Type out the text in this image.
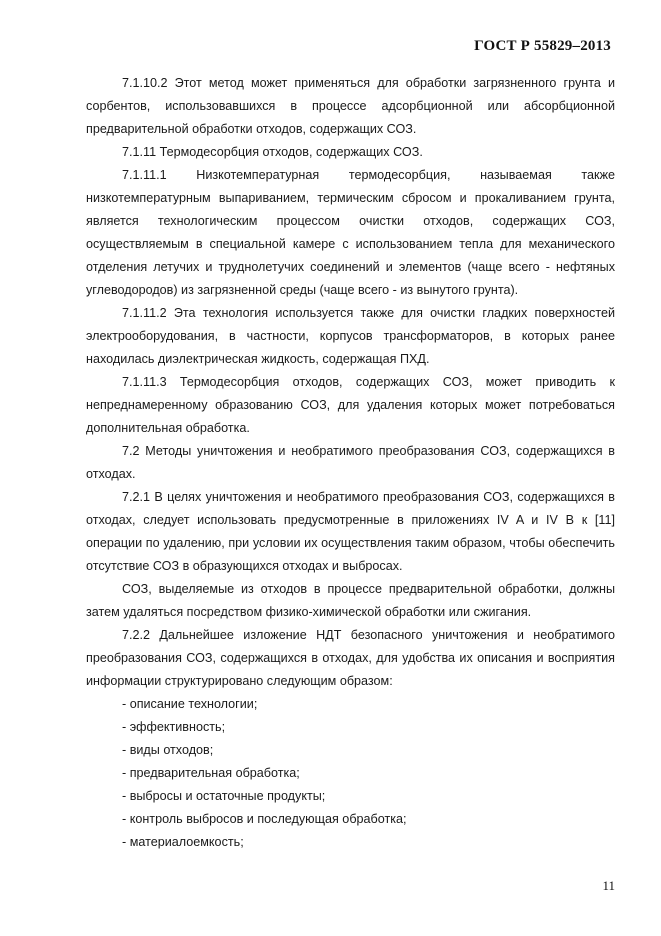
ГОСТ Р 55829–2013

7.1.10.2 Этот метод может применяться для обработки загрязненного грунта и сорбентов, использовавшихся в процессе адсорбционной или абсорбционной предварительной обработки отходов, содержащих СОЗ.

7.1.11 Термодесорбция отходов, содержащих СОЗ.

7.1.11.1 Низкотемпературная термодесорбция, называемая также низкотемпературным выпариванием, термическим сбросом и прокаливанием грунта, является технологическим процессом очистки отходов, содержащих СОЗ, осуществляемым в специальной камере с использованием тепла для механического отделения летучих и труднолетучих соединений и элементов (чаще всего - нефтяных углеводородов) из загрязненной среды (чаще всего - из вынутого грунта).

7.1.11.2 Эта технология используется также для очистки гладких поверхностей электрооборудования, в частности, корпусов трансформаторов, в которых ранее находилась диэлектрическая жидкость, содержащая ПХД.

7.1.11.3 Термодесорбция отходов, содержащих СОЗ, может приводить к непреднамеренному образованию СОЗ, для удаления которых может потребоваться дополнительная обработка.

7.2 Методы уничтожения и необратимого преобразования СОЗ, содержащихся в отходах.

7.2.1 В целях уничтожения и необратимого преобразования СОЗ, содержащихся в отходах, следует использовать предусмотренные в приложениях IV A и IV B к [11] операции по удалению, при условии их осуществления таким образом, чтобы обеспечить отсутствие СОЗ в образующихся отходах и выбросах.

СОЗ, выделяемые из отходов в процессе предварительной обработки, должны затем удаляться посредством физико-химической обработки или сжигания.

7.2.2 Дальнейшее изложение НДТ безопасного уничтожения и необратимого преобразования СОЗ, содержащихся в отходах, для удобства их описания и восприятия информации структурировано следующим образом:

- описание технологии;

- эффективность;

- виды отходов;

- предварительная обработка;

- выбросы и остаточные продукты;

- контроль выбросов и последующая обработка;

- материалоемкость;

11
